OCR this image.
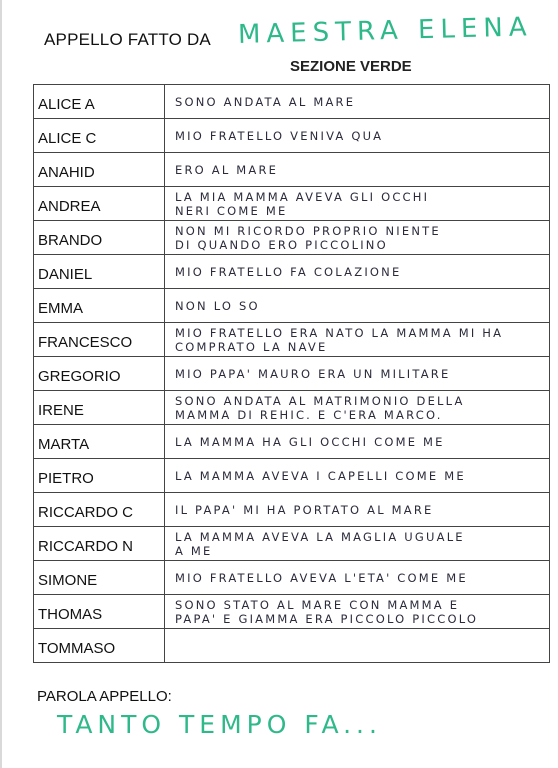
APPELLO FATTO DA MAESTRA ELENA
SEZIONE VERDE
ALICE A	SONO ANDATA AL MARE

ALICE C	MIO FRATELLO VENIVA QUA

ANAHID	ERO AL MARE

ANDREA	LA MIA MAMMA AVEVA GLI OCCHI
NERI COME ME

BRANDO	NON MI RICORDO PROPRIO NIENTE
DI QUANDO ERO PICCOLINO

DANIEL	MIO FRATELLO FA COLAZIONE

EMMA	NON LO SO

FRANCESCO	MIO FRATELLO ERA NATO LA MAMMA MI HA
COMPRATO LA NAVE

GREGORIO	MIO PAPA' MAURO ERA UN MILITARE

IRENE	SONO ANDATA AL MATRIMONIO DELLA
MAMMA DI REHIC. E C'ERA MARCO.

MARTA	LA MAMMA HA GLI OCCHI COME ME

PIETRO	LA MAMMA AVEVA I CAPELLI COME ME

RICCARDO C	IL PAPA' MI HA PORTATO AL MARE

RICCARDO N	LA MAMMA AVEVA LA MAGLIA UGUALE
A ME

SIMONE	MIO FRATELLO AVEVA L'ETA' COME ME

THOMAS	SONO STATO AL MARE CON MAMMA E
PAPA' E GIAMMA ERA PICCOLO PICCOLO

TOMMASO	
PAROLA APPELLO:
TANTO TEMPO FA...
